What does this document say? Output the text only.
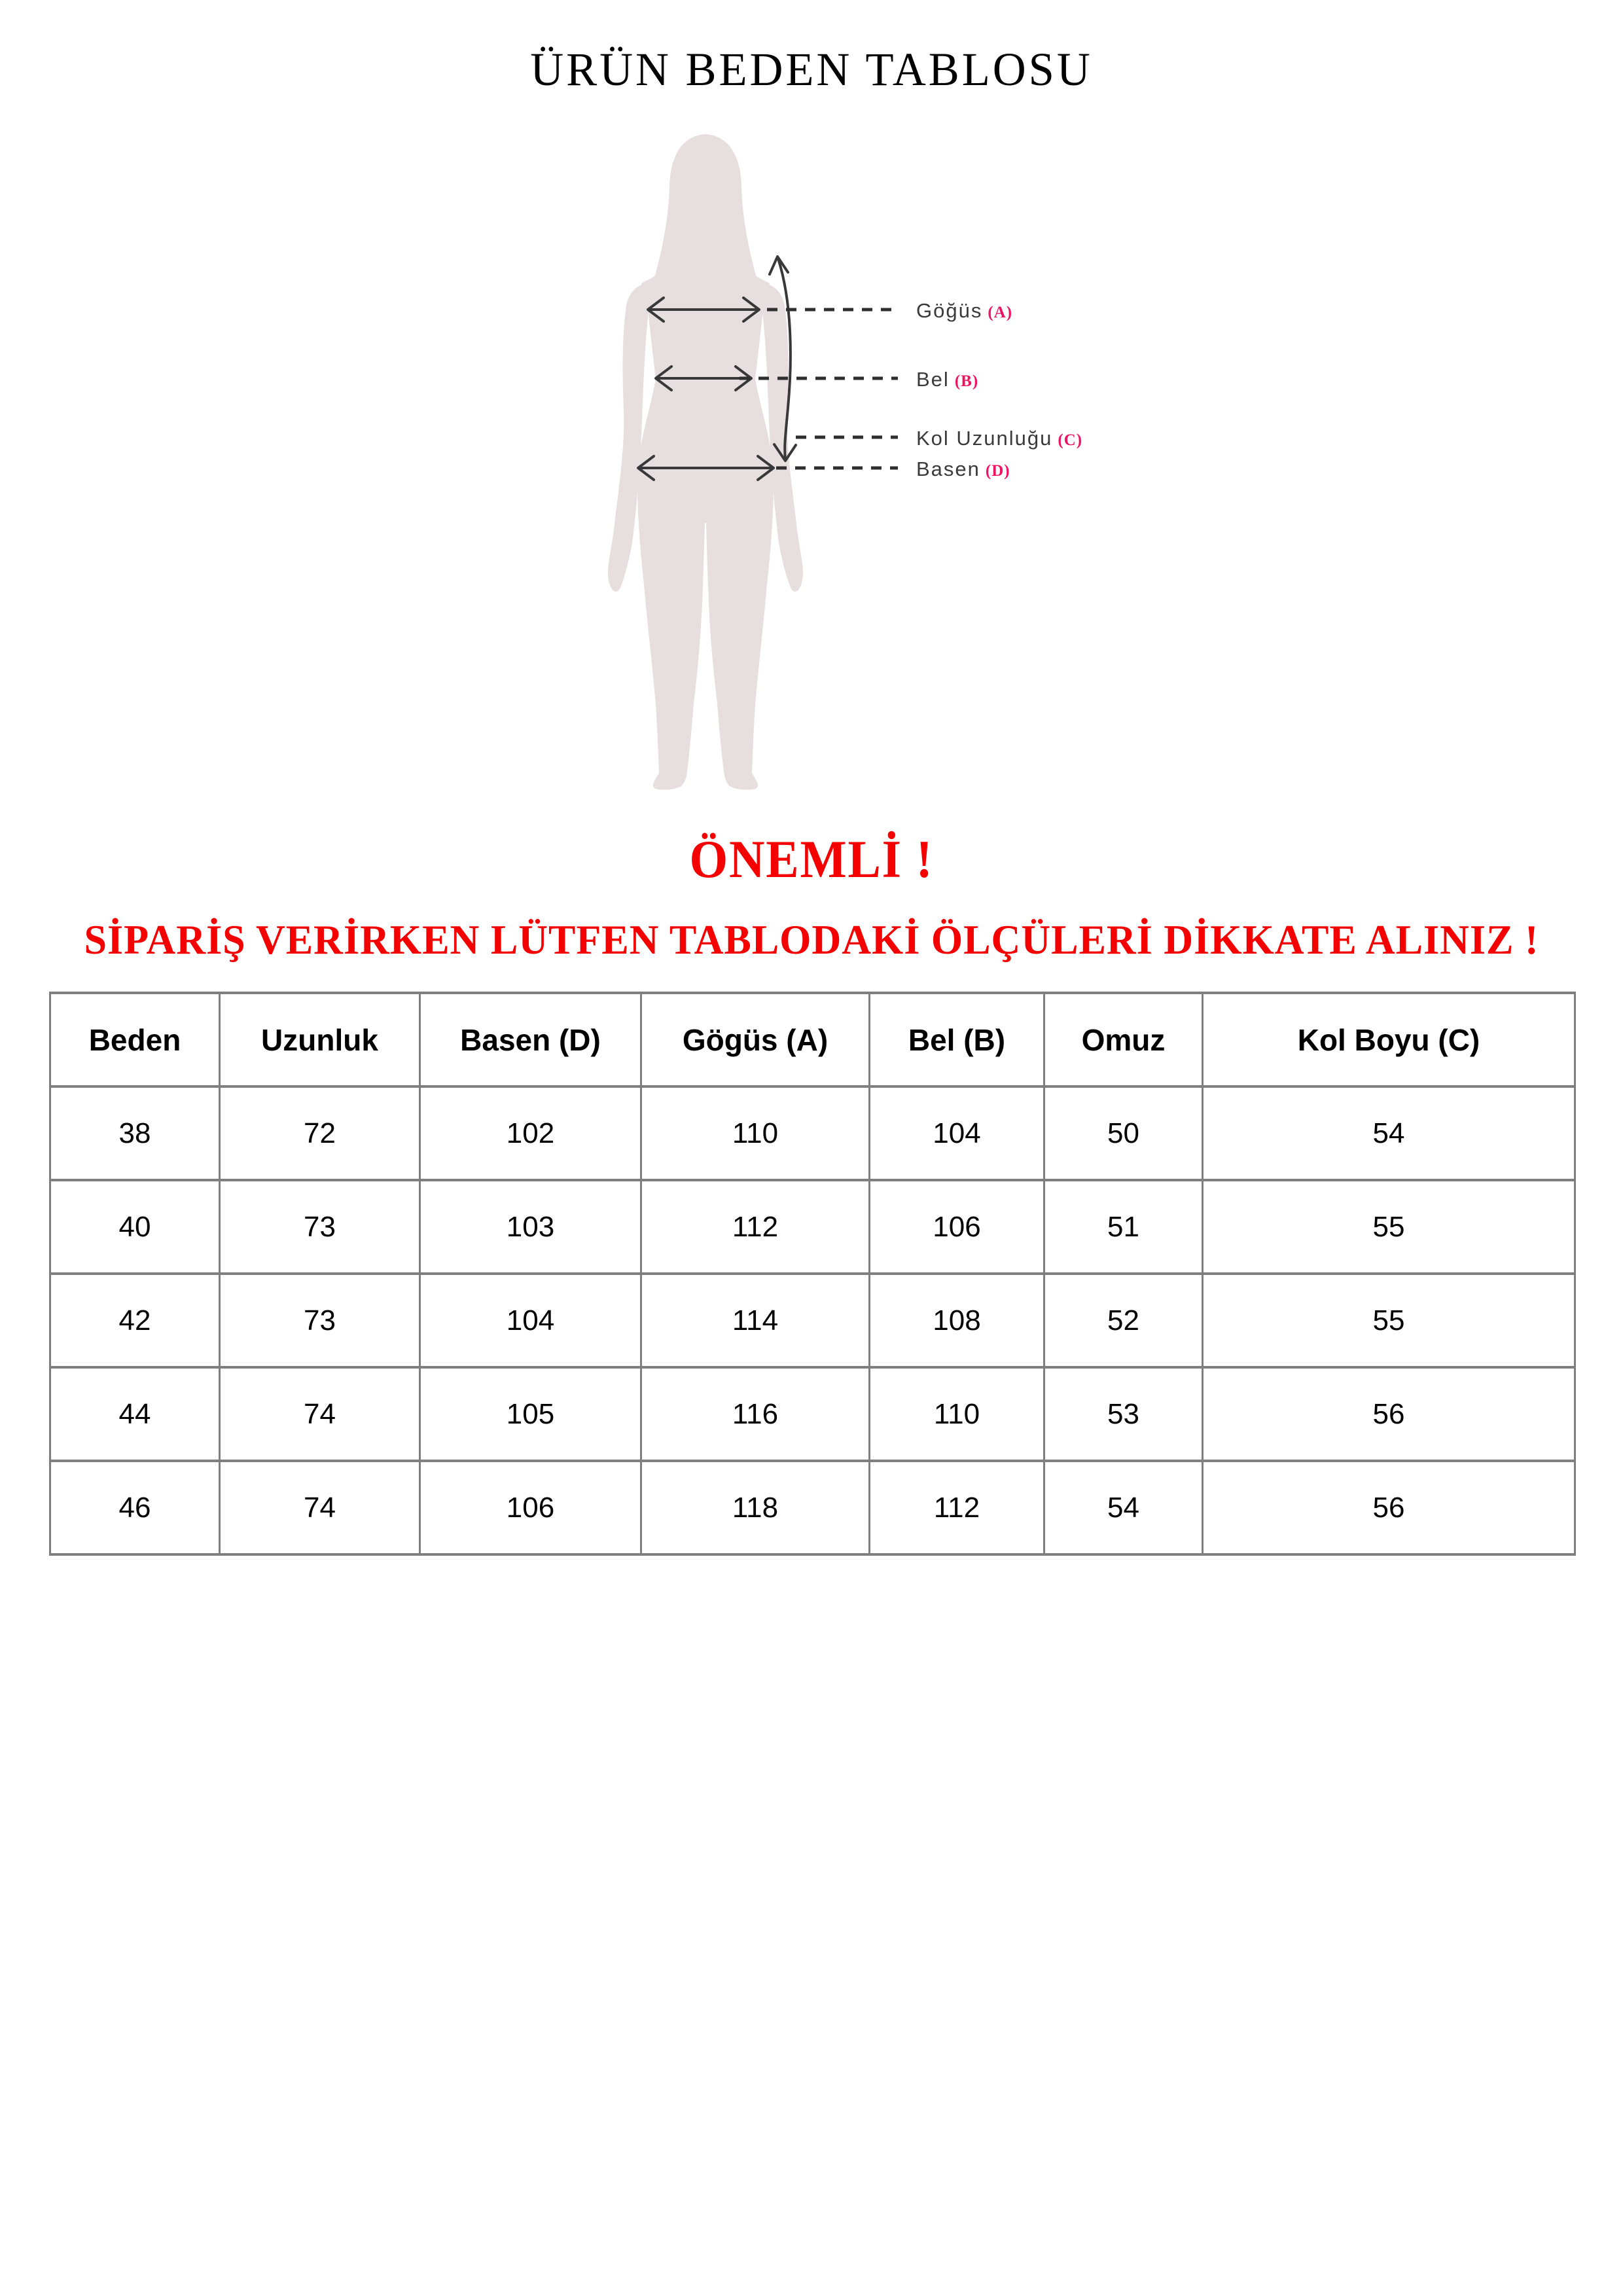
ÜRÜN BEDEN TABLOSU
Göğüs (A)
Bel (B)
Kol Uzunluğu (C)
Basen (D)
ÖNEMLİ !
SİPARİŞ VERİRKEN LÜTFEN TABLODAKİ ÖLÇÜLERİ DİKKATE ALINIZ !
Beden	Uzunluk	Basen (D)	Gögüs (A)	Bel (B)	Omuz	Kol Boyu (C)
38	72	102	110	104	50	54
40	73	103	112	106	51	55
42	73	104	114	108	52	55
44	74	105	116	110	53	56
46	74	106	118	112	54	56
